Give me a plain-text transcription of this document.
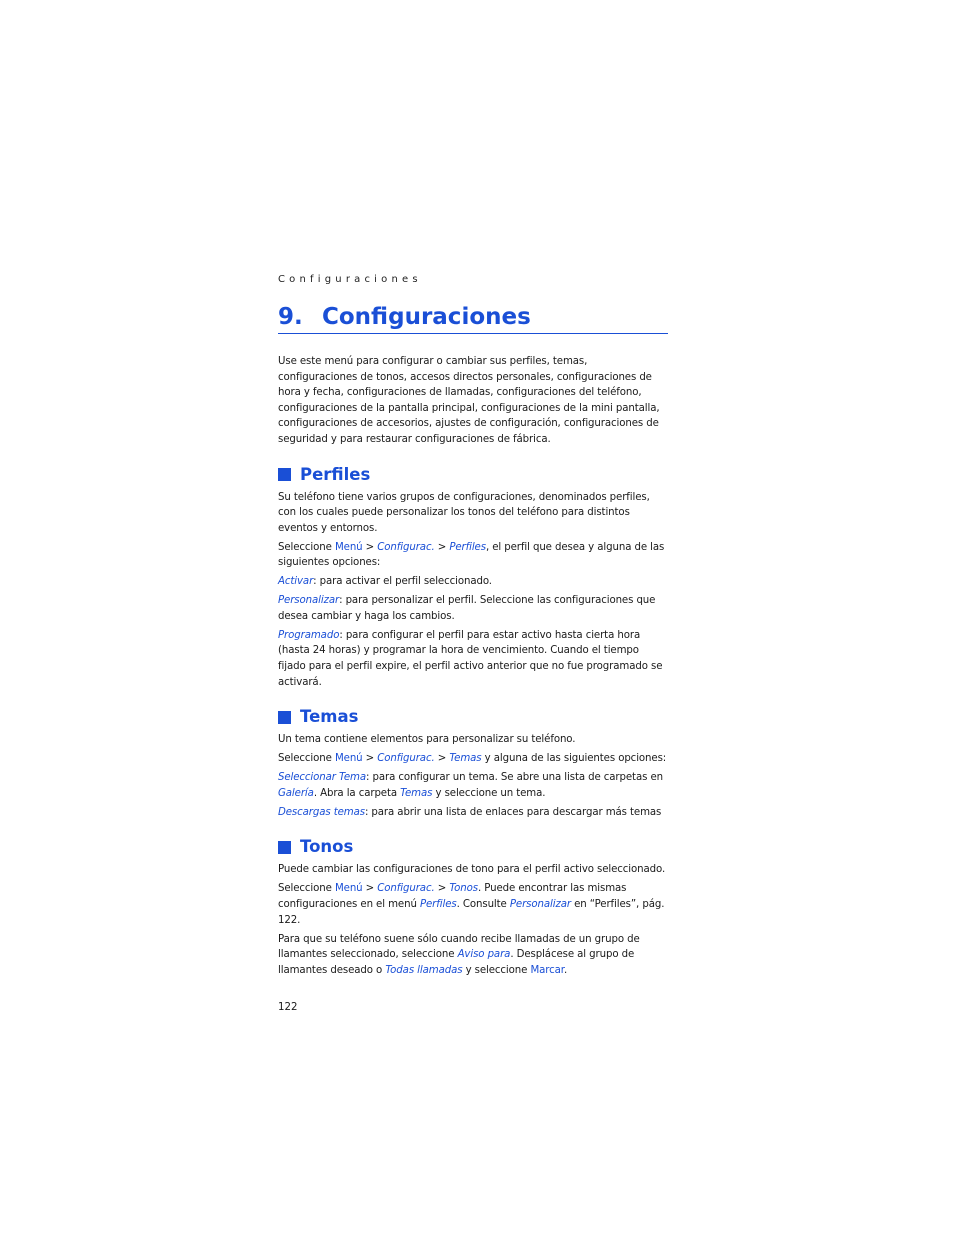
Configuraciones
9. Configuraciones

Use este menú para configurar o cambiar sus perfiles, temas, configuraciones de tonos, accesos directos personales, configuraciones de hora y fecha, configuraciones de llamadas, configuraciones del teléfono, configuraciones de la pantalla principal, configuraciones de la mini pantalla, configuraciones de accesorios, ajustes de configuración, configuraciones de seguridad y para restaurar configuraciones de fábrica.

Perfiles

Su teléfono tiene varios grupos de configuraciones, denominados perfiles, con los cuales puede personalizar los tonos del teléfono para distintos eventos y entornos.

Seleccione Menú > Configurac. > Perfiles, el perfil que desea y alguna de las siguientes opciones:

Activar: para activar el perfil seleccionado.

Personalizar: para personalizar el perfil. Seleccione las configuraciones que desea cambiar y haga los cambios.

Programado: para configurar el perfil para estar activo hasta cierta hora (hasta 24 horas) y programar la hora de vencimiento. Cuando el tiempo fijado para el perfil expire, el perfil activo anterior que no fue programado se activará.

Temas

Un tema contiene elementos para personalizar su teléfono.

Seleccione Menú > Configurac. > Temas y alguna de las siguientes opciones:

Seleccionar Tema: para configurar un tema. Se abre una lista de carpetas en Galería. Abra la carpeta Temas y seleccione un tema.

Descargas temas: para abrir una lista de enlaces para descargar más temas

Tonos

Puede cambiar las configuraciones de tono para el perfil activo seleccionado.

Seleccione Menú > Configurac. > Tonos. Puede encontrar las mismas configuraciones en el menú Perfiles. Consulte Personalizar en “Perfiles”, pág. 122.

Para que su teléfono suene sólo cuando recibe llamadas de un grupo de llamantes seleccionado, seleccione Aviso para. Desplácese al grupo de llamantes deseado o Todas llamadas y seleccione Marcar.

122
